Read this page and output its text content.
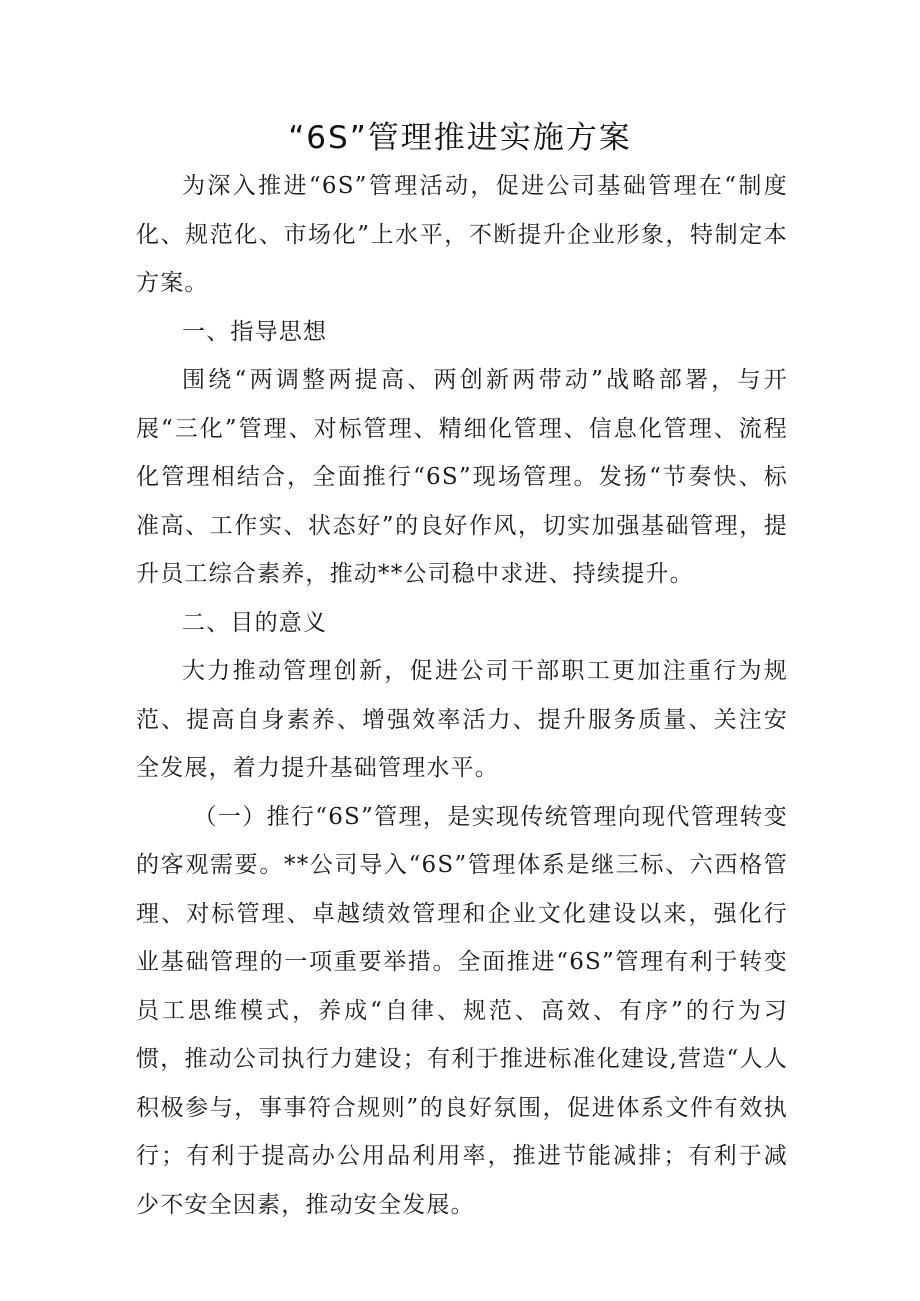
“6S”管理推进实施方案

为深入推进“6S”管理活动，促进公司基础管理在“制度化、规范化、市场化”上水平，不断提升企业形象，特制定本方案。

一、指导思想

围绕“两调整两提高、两创新两带动”战略部署，与开展“三化”管理、对标管理、精细化管理、信息化管理、流程化管理相结合，全面推行“6S”现场管理。发扬“节奏快、标准高、工作实、状态好”的良好作风，切实加强基础管理，提升员工综合素养，推动**公司稳中求进、持续提升。

二、目的意义

大力推动管理创新，促进公司干部职工更加注重行为规范、提高自身素养、增强效率活力、提升服务质量、关注安全发展，着力提升基础管理水平。

（一）推行“6S”管理，是实现传统管理向现代管理转变的客观需要。**公司导入“6S”管理体系是继三标、六西格管理、对标管理、卓越绩效管理和企业文化建设以来，强化行业基础管理的一项重要举措。全面推进“6S”管理有利于转变员工思维模式，养成“自律、规范、高效、有序”的行为习惯，推动公司执行力建设；有利于推进标准化建设,营造“人人积极参与，事事符合规则”的良好氛围，促进体系文件有效执行；有利于提高办公用品利用率，推进节能减排；有利于减少不安全因素，推动安全发展。
